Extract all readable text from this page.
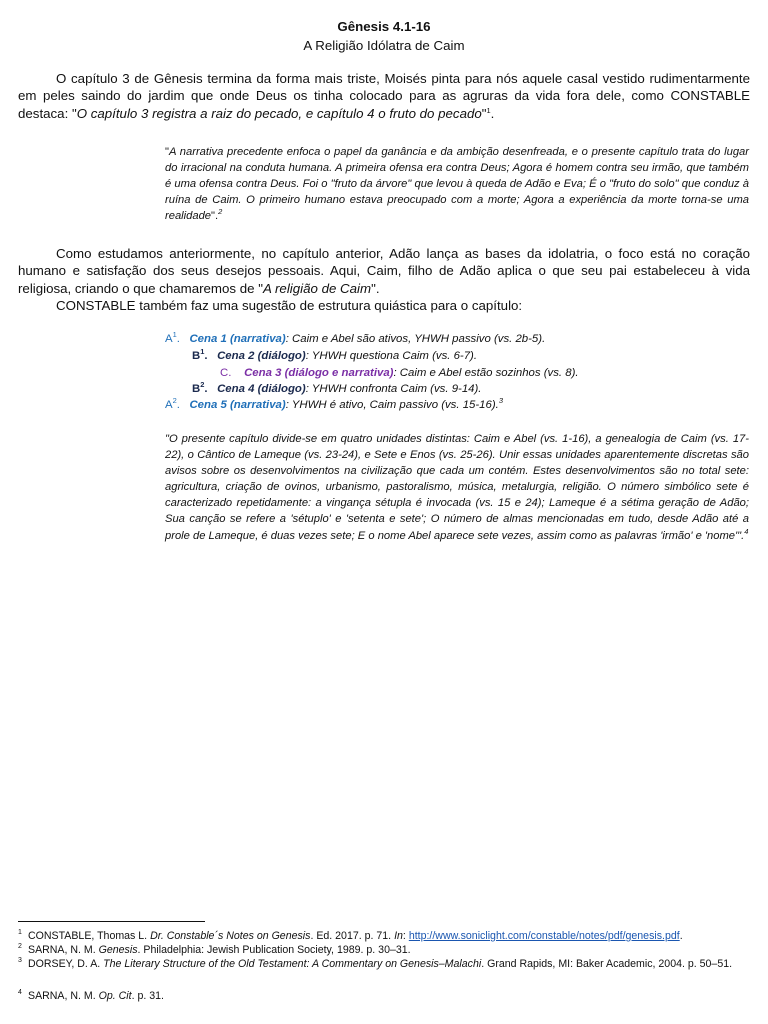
Gênesis 4.1-16
A Religião Idólatra de Caim
O capítulo 3 de Gênesis termina da forma mais triste, Moisés pinta para nós aquele casal vestido rudimentarmente em peles saindo do jardim que onde Deus os tinha colocado para as agruras da vida fora dele, como CONSTABLE destaca: "O capítulo 3 registra a raiz do pecado, e capítulo 4 o fruto do pecado"$^1$.
"A narrativa precedente enfoca o papel da ganância e da ambição desenfreada, e o presente capítulo trata do lugar do irracional na conduta humana. A primeira ofensa era contra Deus; Agora é homem contra seu irmão, que também é uma ofensa contra Deus. Foi o "fruto da árvore" que levou à queda de Adão e Eva; É o "fruto do solo" que conduz à ruína de Caim. O primeiro humano estava preocupado com a morte; Agora a experiência da morte torna-se uma realidade".$^2$
Como estudamos anteriormente, no capítulo anterior, Adão lança as bases da idolatria, o foco está no coração humano e satisfação dos seus desejos pessoais. Aqui, Caim, filho de Adão aplica o que seu pai estabeleceu à vida religiosa, criando o que chamaremos de "A religião de Caim".
CONSTABLE também faz uma sugestão de estrutura quiástica para o capítulo:
$A^1$. Cena 1 (narrativa): Caim e Abel são ativos, YHWH passivo (vs. 2b-5).
$B^1$. Cena 2 (diálogo): YHWH questiona Caim (vs. 6-7).
C. Cena 3 (diálogo e narrativa): Caim e Abel estão sozinhos (vs. 8).
$B^2$. Cena 4 (diálogo): YHWH confronta Caim (vs. 9-14).
$A^2$. Cena 5 (narrativa): YHWH é ativo, Caim passivo (vs. 15-16).$^3$
"O presente capítulo divide-se em quatro unidades distintas: Caim e Abel (vs. 1-16), a genealogia de Caim (vs. 17-22), o Cântico de Lameque (vs. 23-24), e Sete e Enos (vs. 25-26). Unir essas unidades aparentemente discretas são avisos sobre os desenvolvimentos na civilização que cada um contém. Estes desenvolvimentos são no total sete: agricultura, criação de ovinos, urbanismo, pastoralismo, música, metalurgia, religião. O número simbólico sete é caracterizado repetidamente: a vingança sétupla é invocada (vs. 15 e 24); Lameque é a sétima geração de Adão; Sua canção se refere a 'sétuplo' e 'setenta e sete'; O número de almas mencionadas em tudo, desde Adão até a prole de Lameque, é duas vezes sete; E o nome Abel aparece sete vezes, assim como as palavras 'irmão' e 'nome'".$^4$
1 CONSTABLE, Thomas L. Dr. Constable´s Notes on Genesis. Ed. 2017. p. 71. In: http://www.soniclight.com/constable/notes/pdf/genesis.pdf.
2 SARNA, N. M. Genesis. Philadelphia: Jewish Publication Society, 1989. p. 30–31.
3 DORSEY, D. A. The Literary Structure of the Old Testament: A Commentary on Genesis–Malachi. Grand Rapids, MI: Baker Academic, 2004. p. 50–51.
4 SARNA, N. M. Op. Cit. p. 31.
